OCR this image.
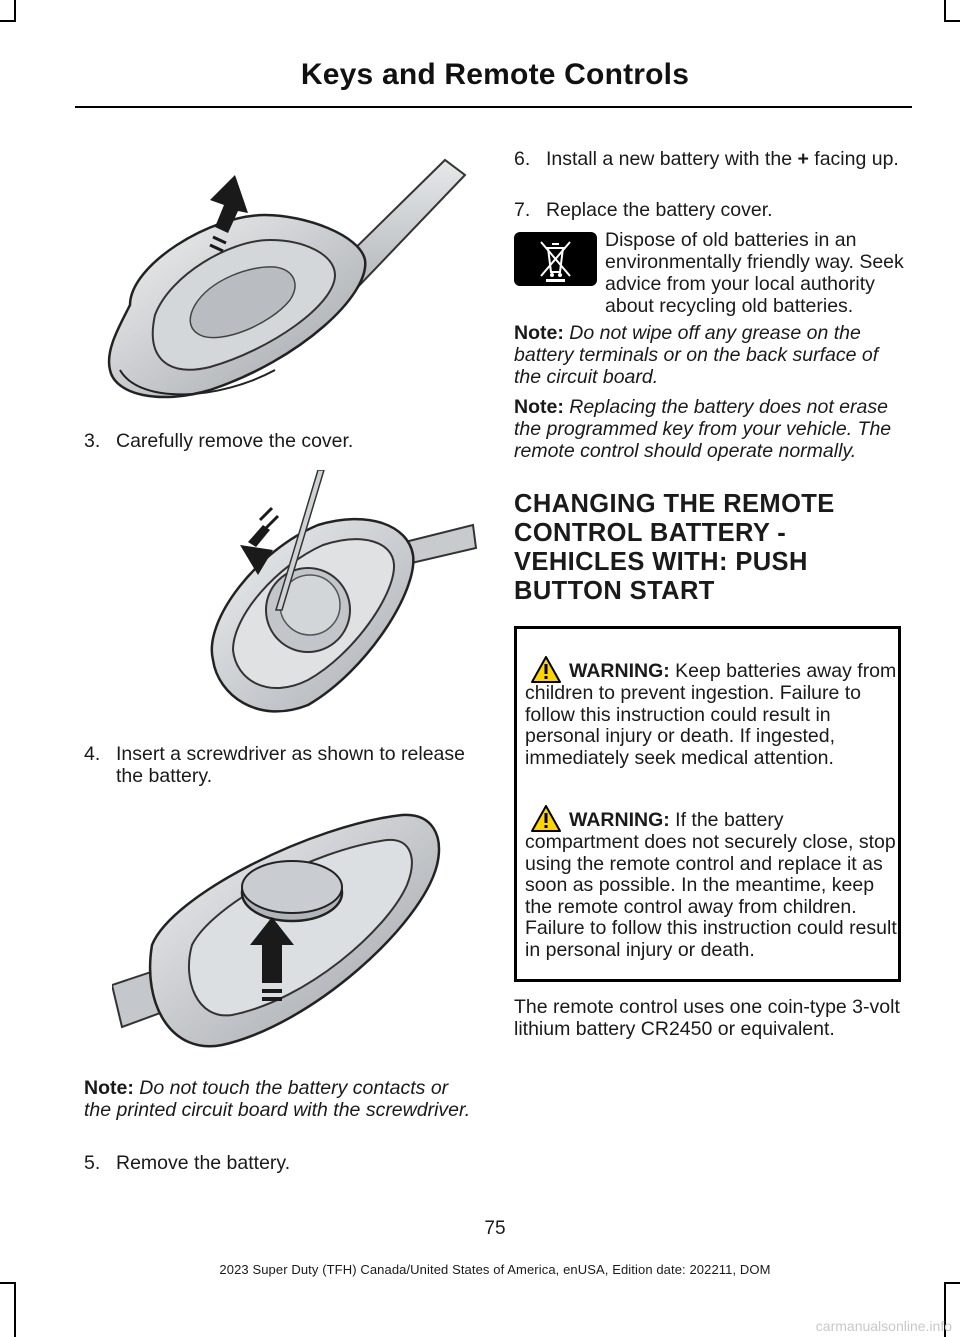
Keys and Remote Controls
3. Carefully remove the cover.
4. Insert a screwdriver as shown to release the battery.
Note: Do not touch the battery contacts or the printed circuit board with the screwdriver.
5. Remove the battery.
6. Install a new battery with the + facing up.
7. Replace the battery cover.
Dispose of old batteries in an environmentally friendly way. Seek advice from your local authority about recycling old batteries.
Note: Do not wipe off any grease on the battery terminals or on the back surface of the circuit board.
Note: Replacing the battery does not erase the programmed key from your vehicle. The remote control should operate normally.
CHANGING THE REMOTE
CONTROL BATTERY -
VEHICLES WITH: PUSH
BUTTON START
WARNING: Keep batteries away from children to prevent ingestion. Failure to follow this instruction could result in personal injury or death. If ingested, immediately seek medical attention.
WARNING: If the battery compartment does not securely close, stop using the remote control and replace it as soon as possible. In the meantime, keep the remote control away from children. Failure to follow this instruction could result in personal injury or death.
The remote control uses one coin-type 3-volt lithium battery CR2450 or equivalent.
75
2023 Super Duty (TFH) Canada/United States of America, enUSA, Edition date: 202211, DOM
carmanualsonline.info
